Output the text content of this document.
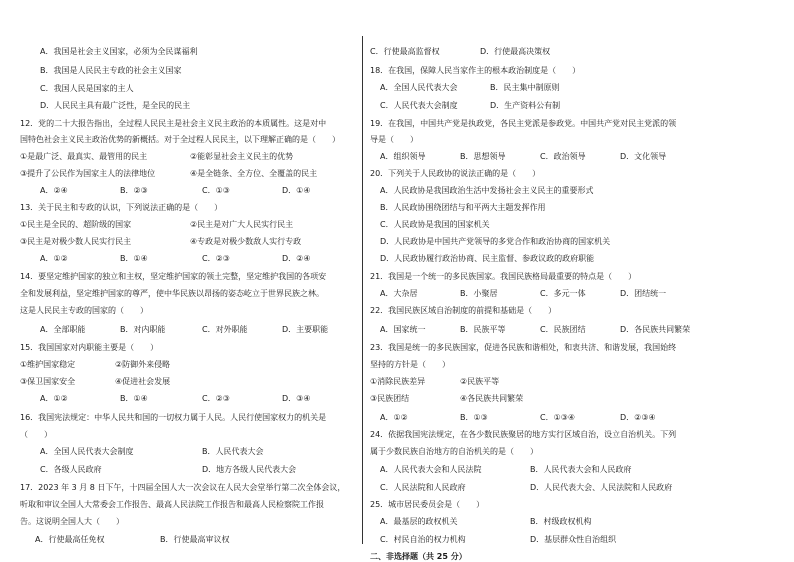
A．我国是社会主义国家，必须为全民谋福利
B．我国是人民民主专政的社会主义国家
C．我国人民是国家的主人
D．人民民主具有最广泛性，是全民的民主
12．党的二十大报告指出，全过程人民民主是社会主义民主政治的本质属性。这是对中
国特色社会主义民主政治优势的新概括。对于全过程人民民主，以下理解正确的是（　　）
①是最广泛、最真实、最管用的民主	②能彰显社会主义民主的优势
③提升了公民作为国家主人的法律地位	④是全链条、全方位、全覆盖的民主
A．②④	B．②③	C．①③	D．①④
13．关于民主和专政的认识，下列说法正确的是（　　）
①民主是全民的、超阶级的国家	②民主是对广大人民实行民主
③民主是对极少数人民实行民主	④专政是对极少数敌人实行专政
A．①②	B．①④	C．②③	D．②④
14．要坚定维护国家的独立和主权，坚定维护国家的领土完整，坚定维护我国的各项安
全和发展利益，坚定维护国家的尊严，使中华民族以昂扬的姿态屹立于世界民族之林。
这是人民民主专政的国家的（　　）
A．全部职能	B．对内职能	C．对外职能	D．主要职能
15．我国国家对内职能主要是（　　）
①维护国家稳定	②防御外来侵略
③保卫国家安全	④促进社会发展
A．①②	B．①④	C．②③	D．③④
16．我国宪法规定：中华人民共和国的一切权力属于人民。人民行使国家权力的机关是
（　　）
A．全国人民代表大会制度	B．人民代表大会
C．各级人民政府	D．地方各级人民代表大会
17．2023 年 3 月 8 日下午，十四届全国人大一次会议在人民大会堂举行第二次全体会议，
听取和审议全国人大常委会工作报告、最高人民法院工作报告和最高人民检察院工作报
告。这说明全国人大（　　）
A．行使最高任免权	B．行使最高审议权
C．行使最高监督权	D．行使最高决策权
18．在我国，保障人民当家作主的根本政治制度是（　　）
A．全国人民代表大会	B．民主集中制原则
C．人民代表大会制度	D．生产资料公有制
19．在我国，中国共产党是执政党，各民主党派是参政党。中国共产党对民主党派的领
导是（　　）
A．组织领导	B．思想领导	C．政治领导	D．文化领导
20．下列关于人民政协的说法正确的是（　　）
A．人民政协是我国政治生活中发扬社会主义民主的重要形式
B．人民政协围绕团结与和平两大主题发挥作用
C．人民政协是我国的国家机关
D．人民政协是中国共产党领导的多党合作和政治协商的国家机关
D．人民政协履行政治协商、民主监督、参政议政的政府职能
21．我国是一个统一的多民族国家。我国民族格局最重要的特点是（　　）
A．大杂居	B．小聚居	C．多元一体	D．团结统一
22．我国民族区域自治制度的前提和基础是（　　）
A．国家统一	B．民族平等	C．民族团结	D．各民族共同繁荣
23．我国是统一的多民族国家，促进各民族和谐相处，和衷共济、和谐发展，我国始终
坚持的方针是（　　）
①消除民族差异	②民族平等
③民族团结	④各民族共同繁荣
A．①②	B．①③	C．①③④	D．②③④
24．依据我国宪法规定，在各少数民族聚居的地方实行区域自治，设立自治机关。下列
属于少数民族自治地方的自治机关的是（　　）
A．人民代表大会和人民法院	B．人民代表大会和人民政府
C．人民法院和人民政府	D．人民代表大会、人民法院和人民政府
25．城市居民委员会是（　　）
A．最基层的政权机关	B．村级政权机构
C．村民自治的权力机构	D．基层群众性自治组织
二、非选择题（共 25 分）
